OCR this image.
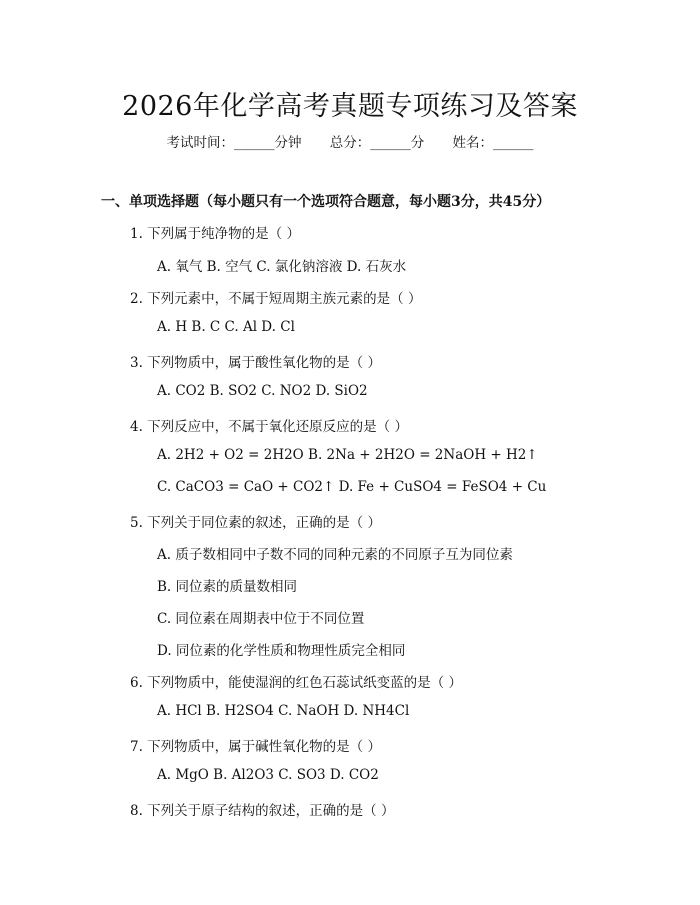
2026年化学高考真题专项练习及答案
考试时间：______分钟 总分：______分 姓名：______
一、单项选择题（每小题只有一个选项符合题意，每小题3分，共45分）
1. 下列属于纯净物的是（ ）
A. 氧气 B. 空气 C. 氯化钠溶液 D. 石灰水
2. 下列元素中，不属于短周期主族元素的是（ ）
A. H B. C C. Al D. Cl
3. 下列物质中，属于酸性氧化物的是（ ）
A. CO2 B. SO2 C. NO2 D. SiO2
4. 下列反应中，不属于氧化还原反应的是（ ）
A. 2H2 + O2 = 2H2O B. 2Na + 2H2O = 2NaOH + H2↑
C. CaCO3 = CaO + CO2↑ D. Fe + CuSO4 = FeSO4 + Cu
5. 下列关于同位素的叙述，正确的是（ ）
A. 质子数相同中子数不同的同种元素的不同原子互为同位素
B. 同位素的质量数相同
C. 同位素在周期表中位于不同位置
D. 同位素的化学性质和物理性质完全相同
6. 下列物质中，能使湿润的红色石蕊试纸变蓝的是（ ）
A. HCl B. H2SO4 C. NaOH D. NH4Cl
7. 下列物质中，属于碱性氧化物的是（ ）
A. MgO B. Al2O3 C. SO3 D. CO2
8. 下列关于原子结构的叙述，正确的是（ ）
